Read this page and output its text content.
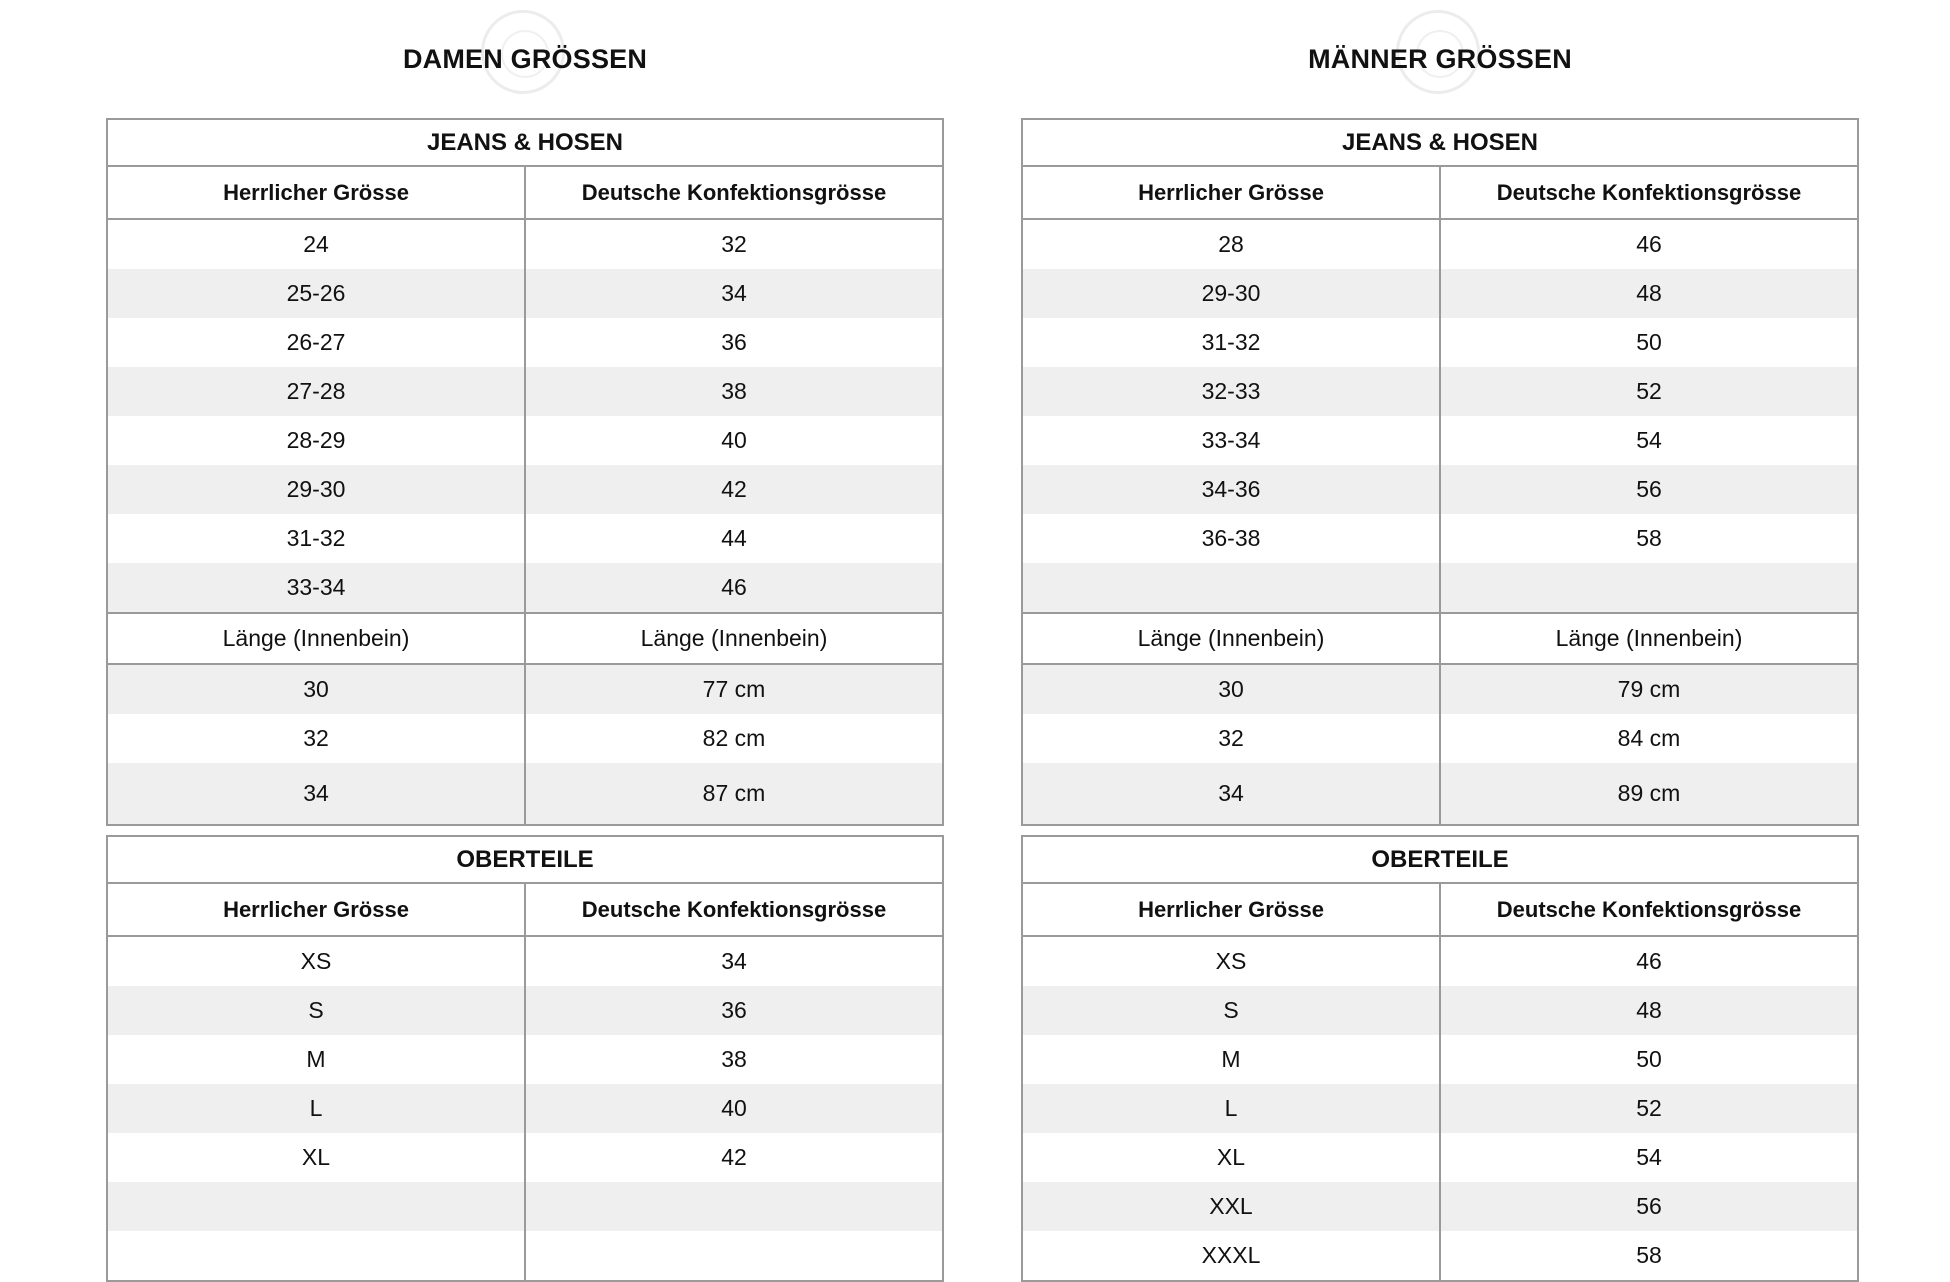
DAMEN GRÖSSEN
JEANS & HOSEN	
Herrlicher Grösse	Deutsche Konfektionsgrösse
24	32
25-26	34
26-27	36
27-28	38
28-29	40
29-30	42
31-32	44
33-34	46
Länge (Innenbein)	Länge (Innenbein)
30	77 cm
32	82 cm
34	87 cm
OBERTEILE	
Herrlicher Grösse	Deutsche Konfektionsgrösse
XS	34
S	36
M	38
L	40
XL	42

MÄNNER GRÖSSEN
JEANS & HOSEN	
Herrlicher Grösse	Deutsche Konfektionsgrösse
28	46
29-30	48
31-32	50
32-33	52
33-34	54
34-36	56
36-38	58

Länge (Innenbein)	Länge (Innenbein)
30	79 cm
32	84 cm
34	89 cm
OBERTEILE	
Herrlicher Grösse	Deutsche Konfektionsgrösse
XS	46
S	48
M	50
L	52
XL	54
XXL	56
XXXL	58
